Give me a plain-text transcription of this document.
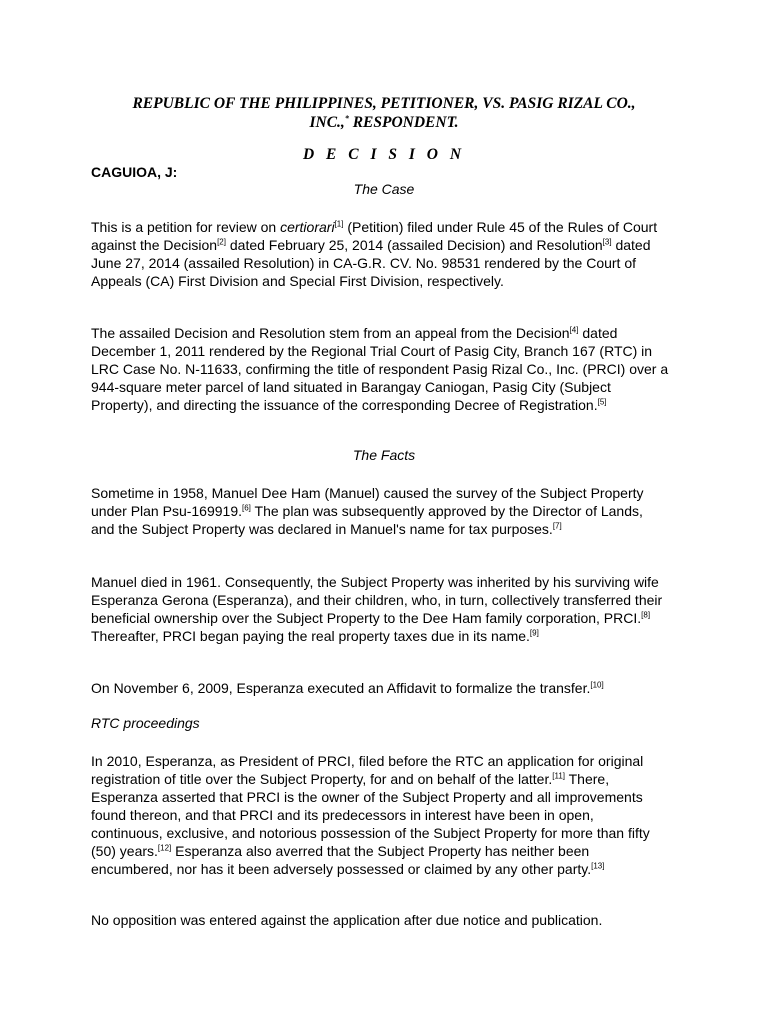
REPUBLIC OF THE PHILIPPINES, PETITIONER, VS. PASIG RIZAL CO.,
INC.,* RESPONDENT.
D E C I S I O N
CAGUIOA, J:
The Case
This is a petition for review on certiorari[1] (Petition) filed under Rule 45 of the Rules of Court against the Decision[2] dated February 25, 2014 (assailed Decision) and Resolution[3] dated June 27, 2014 (assailed Resolution) in CA-G.R. CV. No. 98531 rendered by the Court of Appeals (CA) First Division and Special First Division, respectively.
The assailed Decision and Resolution stem from an appeal from the Decision[4] dated December 1, 2011 rendered by the Regional Trial Court of Pasig City, Branch 167 (RTC) in LRC Case No. N-11633, confirming the title of respondent Pasig Rizal Co., Inc. (PRCI) over a 944-square meter parcel of land situated in Barangay Caniogan, Pasig City (Subject Property), and directing the issuance of the corresponding Decree of Registration.[5]
The Facts
Sometime in 1958, Manuel Dee Ham (Manuel) caused the survey of the Subject Property under Plan Psu-169919.[6] The plan was subsequently approved by the Director of Lands, and the Subject Property was declared in Manuel's name for tax purposes.[7]
Manuel died in 1961. Consequently, the Subject Property was inherited by his surviving wife Esperanza Gerona (Esperanza), and their children, who, in turn, collectively transferred their beneficial ownership over the Subject Property to the Dee Ham family corporation, PRCI.[8] Thereafter, PRCI began paying the real property taxes due in its name.[9]
On November 6, 2009, Esperanza executed an Affidavit to formalize the transfer.[10]
RTC proceedings
In 2010, Esperanza, as President of PRCI, filed before the RTC an application for original registration of title over the Subject Property, for and on behalf of the latter.[11] There, Esperanza asserted that PRCI is the owner of the Subject Property and all improvements found thereon, and that PRCI and its predecessors in interest have been in open, continuous, exclusive, and notorious possession of the Subject Property for more than fifty (50) years.[12] Esperanza also averred that the Subject Property has neither been encumbered, nor has it been adversely possessed or claimed by any other party.[13]
No opposition was entered against the application after due notice and publication.
